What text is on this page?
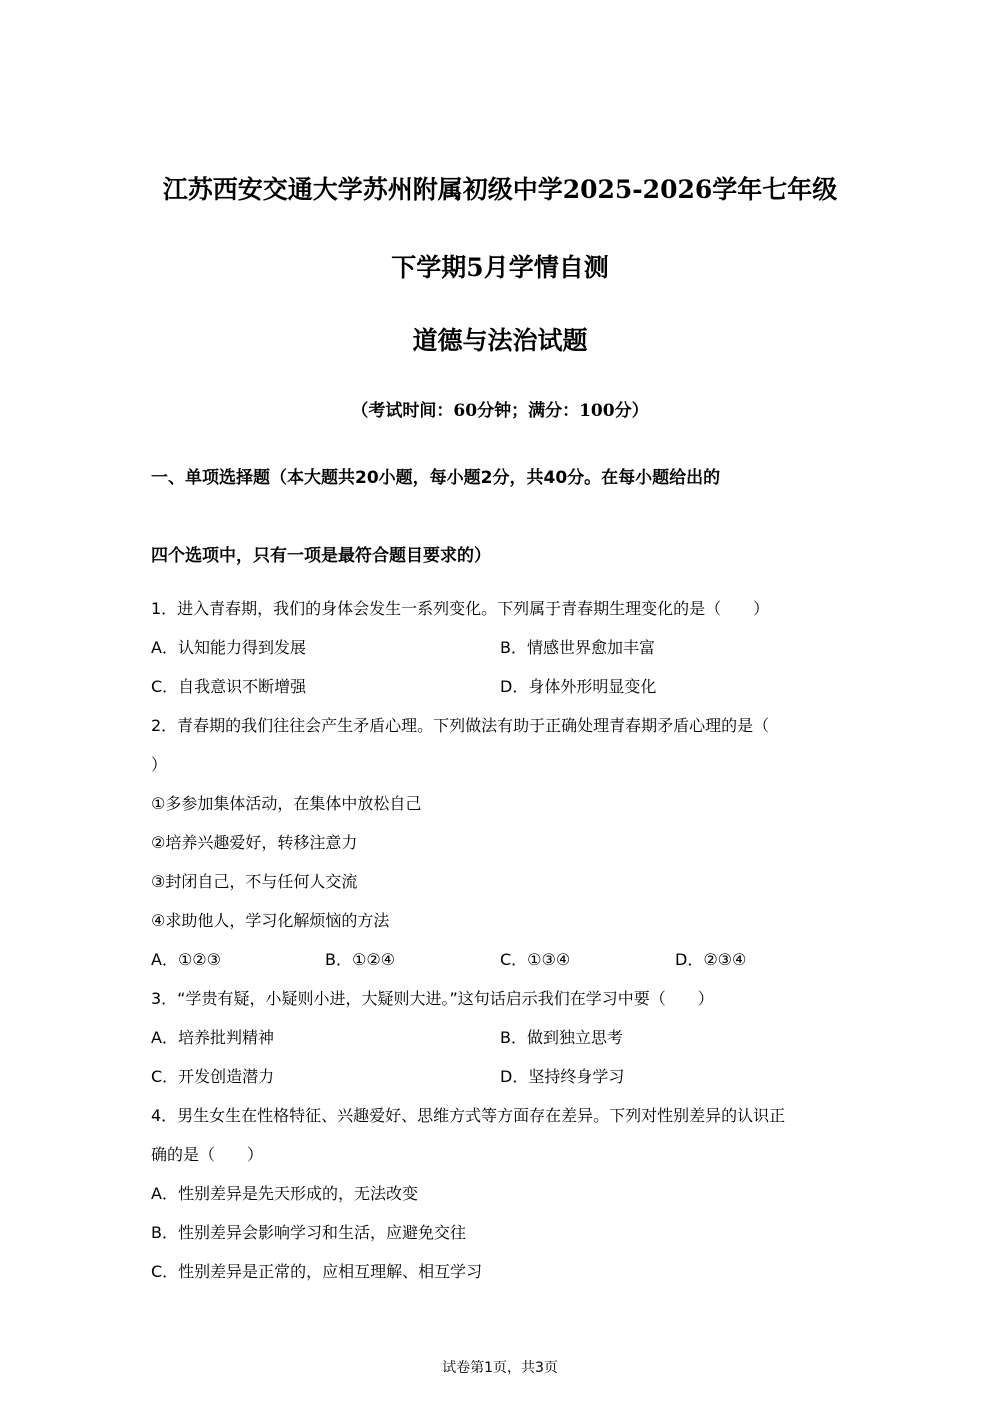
江苏西安交通大学苏州附属初级中学2025-2026学年七年级
下学期5月学情自测
道德与法治试题
（考试时间：60分钟；满分：100分）
一、单项选择题（本大题共20小题，每小题2分，共40分。在每小题给出的
四个选项中，只有一项是最符合题目要求的）
1．进入青春期，我们的身体会发生一系列变化。下列属于青春期生理变化的是（　　）
A．认知能力得到发展	B．情感世界愈加丰富
C．自我意识不断增强	D．身体外形明显变化
2．青春期的我们往往会产生矛盾心理。下列做法有助于正确处理青春期矛盾心理的是（
）
①多参加集体活动，在集体中放松自己
②培养兴趣爱好，转移注意力
③封闭自己，不与任何人交流
④求助他人，学习化解烦恼的方法
A．①②③	B．①②④	C．①③④	D．②③④
3．“学贵有疑，小疑则小进，大疑则大进。”这句话启示我们在学习中要（　　）
A．培养批判精神	B．做到独立思考
C．开发创造潜力	D．坚持终身学习
4．男生女生在性格特征、兴趣爱好、思维方式等方面存在差异。下列对性别差异的认识正
确的是（　　）
A．性别差异是先天形成的，无法改变
B．性别差异会影响学习和生活，应避免交往
C．性别差异是正常的，应相互理解、相互学习
试卷第1页，共3页
